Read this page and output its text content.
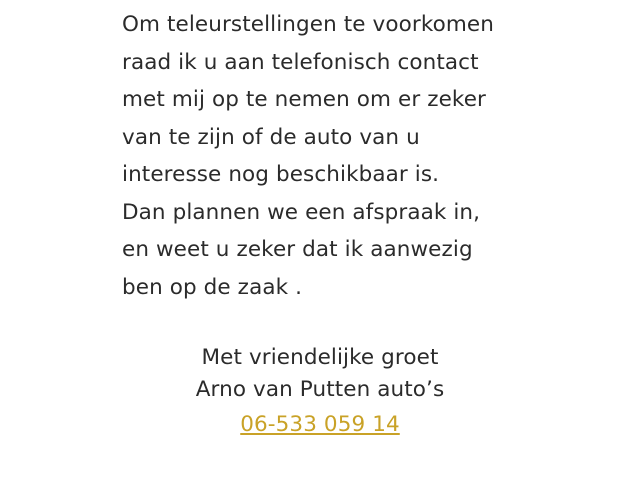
Om teleurstellingen te voorkomen
raad ik u aan telefonisch contact
met mij op te nemen om er zeker
van te zijn of de auto van u
interesse nog beschikbaar is.
Dan plannen we een afspraak in,
en weet u zeker dat ik aanwezig
ben op de zaak .
Met vriendelijke groet
Arno van Putten auto’s
06-533 059 14
